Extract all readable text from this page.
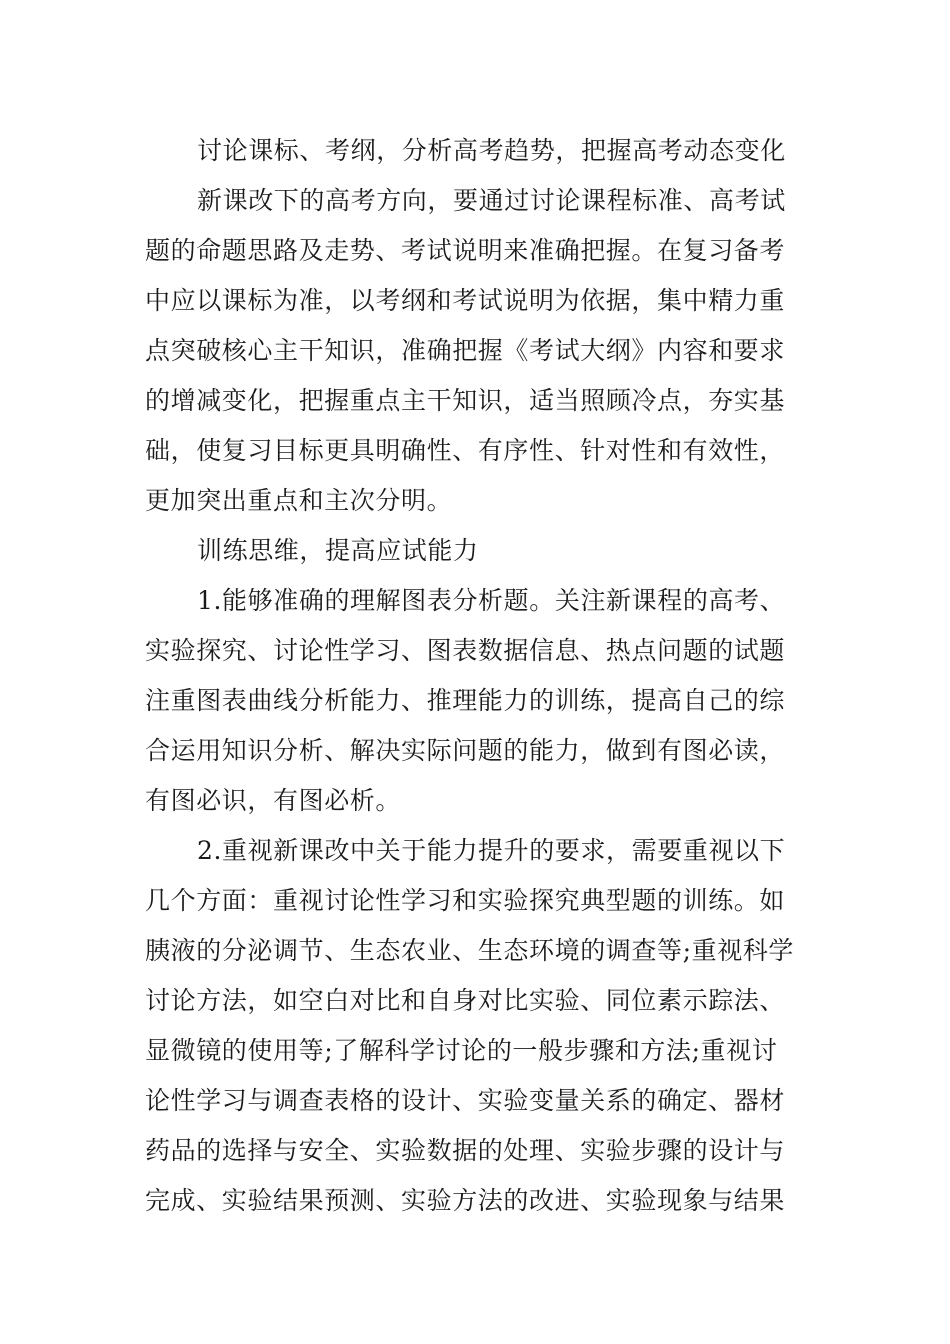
讨论课标、考纲，分析高考趋势，把握高考动态变化

新课改下的高考方向，要通过讨论课程标准、高考试
题的命题思路及走势、考试说明来准确把握。在复习备考
中应以课标为准，以考纲和考试说明为依据，集中精力重
点突破核心主干知识，准确把握《考试大纲》内容和要求
的增减变化，把握重点主干知识，适当照顾冷点，夯实基
础，使复习目标更具明确性、有序性、针对性和有效性，
更加突出重点和主次分明。

训练思维，提高应试能力

1.能够准确的理解图表分析题。关注新课程的高考、
实验探究、讨论性学习、图表数据信息、热点问题的试题
注重图表曲线分析能力、推理能力的训练，提高自己的综
合运用知识分析、解决实际问题的能力，做到有图必读，
有图必识，有图必析。
2.重视新课改中关于能力提升的要求，需要重视以下
几个方面：重视讨论性学习和实验探究典型题的训练。如
胰液的分泌调节、生态农业、生态环境的调查等;重视科学
讨论方法，如空白对比和自身对比实验、同位素示踪法、
显微镜的使用等;了解科学讨论的一般步骤和方法;重视讨
论性学习与调查表格的设计、实验变量关系的确定、器材
药品的选择与安全、实验数据的处理、实验步骤的设计与
完成、实验结果预测、实验方法的改进、实验现象与结果
